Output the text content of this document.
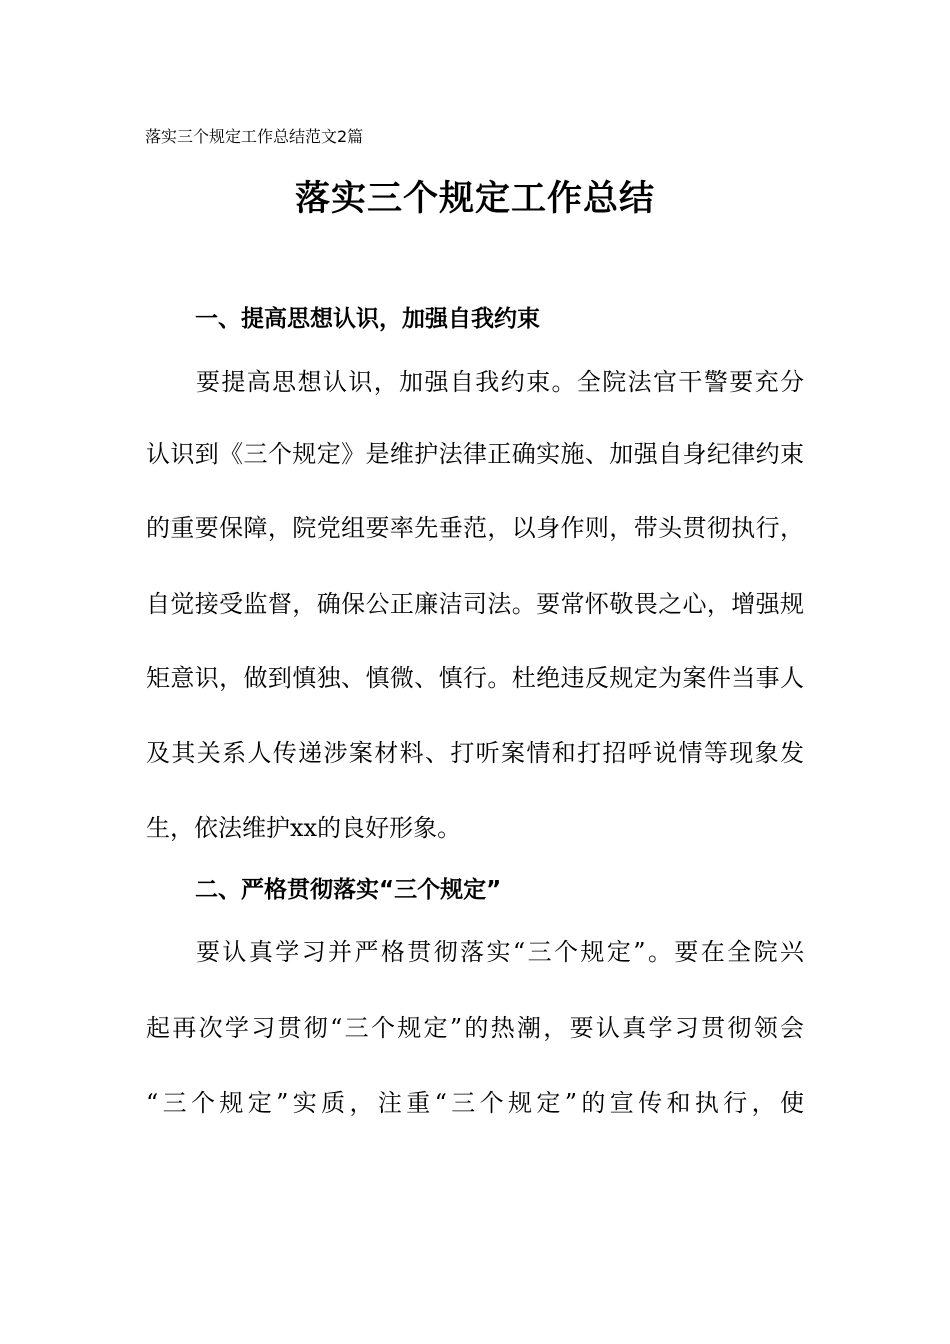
落实三个规定工作总结范文2篇
落实三个规定工作总结
一、提高思想认识，加强自我约束
要提高思想认识，加强自我约束。全院法官干警要充分
认识到《三个规定》是维护法律正确实施、加强自身纪律约束
的重要保障，院党组要率先垂范，以身作则，带头贯彻执行，
自觉接受监督，确保公正廉洁司法。要常怀敬畏之心，增强规
矩意识，做到慎独、慎微、慎行。杜绝违反规定为案件当事人
及其关系人传递涉案材料、打听案情和打招呼说情等现象发
生，依法维护xx的良好形象。
二、严格贯彻落实“三个规定”
要认真学习并严格贯彻落实“三个规定”。要在全院兴
起再次学习贯彻“三个规定”的热潮，要认真学习贯彻领会
“三个规定”实质，注重“三个规定”的宣传和执行，使
